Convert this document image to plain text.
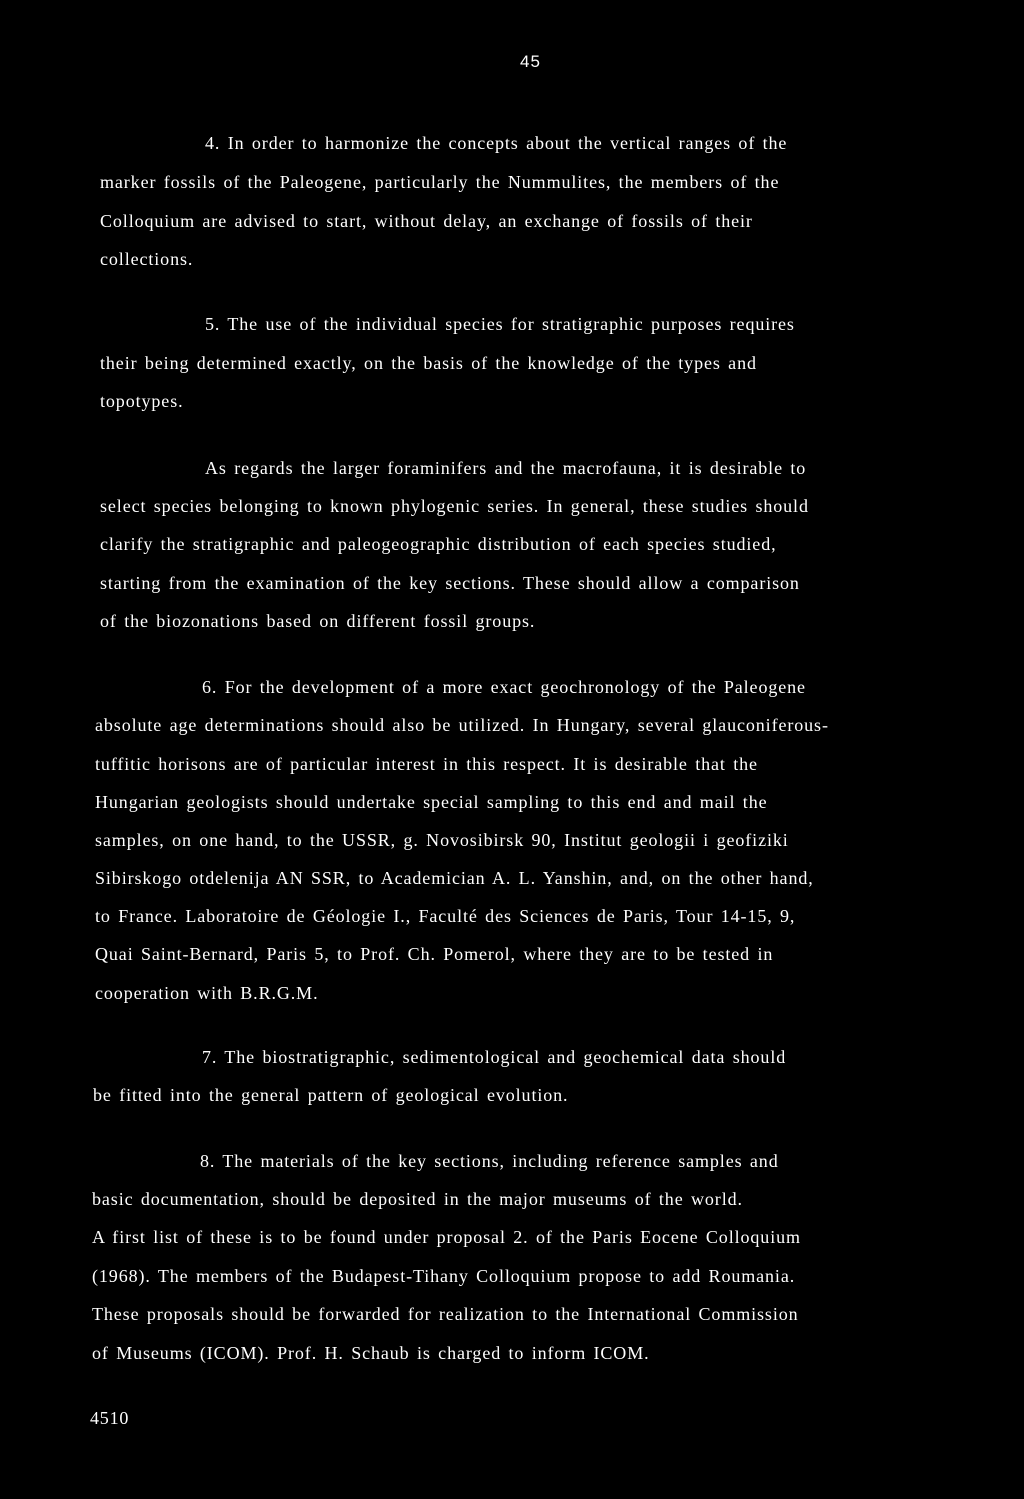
45
4. In order to harmonize the concepts about the vertical ranges of the
marker fossils of the Paleogene, particularly the Nummulites, the members of the
Colloquium are advised to start, without delay, an exchange of fossils of their
collections.
5. The use of the individual species for stratigraphic purposes requires
their being determined exactly, on the basis of the knowledge of the types and
topotypes.
As regards the larger foraminifers and the macrofauna, it is desirable to
select species belonging to known phylogenic series. In general, these studies should
clarify the stratigraphic and paleogeographic distribution of each species studied,
starting from the examination of the key sections. These should allow a comparison
of the biozonations based on different fossil groups.
6. For the development of a more exact geochronology of the Paleogene
absolute age determinations should also be utilized. In Hungary, several glauconiferous-
tuffitic horisons are of particular interest in this respect. It is desirable that the
Hungarian geologists should undertake special sampling to this end and mail the
samples, on one hand, to the USSR, g. Novosibirsk 90, Institut geologii i geofiziki
Sibirskogo otdelenija AN SSR, to Academician A. L. Yanshin, and, on the other hand,
to France. Laboratoire de Géologie I., Faculté des Sciences de Paris, Tour 14-15, 9,
Quai Saint-Bernard, Paris 5, to Prof. Ch. Pomerol, where they are to be tested in
cooperation with B.R.G.M.
7. The biostratigraphic, sedimentological and geochemical data should
be fitted into the general pattern of geological evolution.
8. The materials of the key sections, including reference samples and
basic documentation, should be deposited in the major museums of the world.
A first list of these is to be found under proposal 2. of the Paris Eocene Colloquium
(1968). The members of the Budapest-Tihany Colloquium propose to add Roumania.
These proposals should be forwarded for realization to the International Commission
of Museums (ICOM). Prof. H. Schaub is charged to inform ICOM.
4510
